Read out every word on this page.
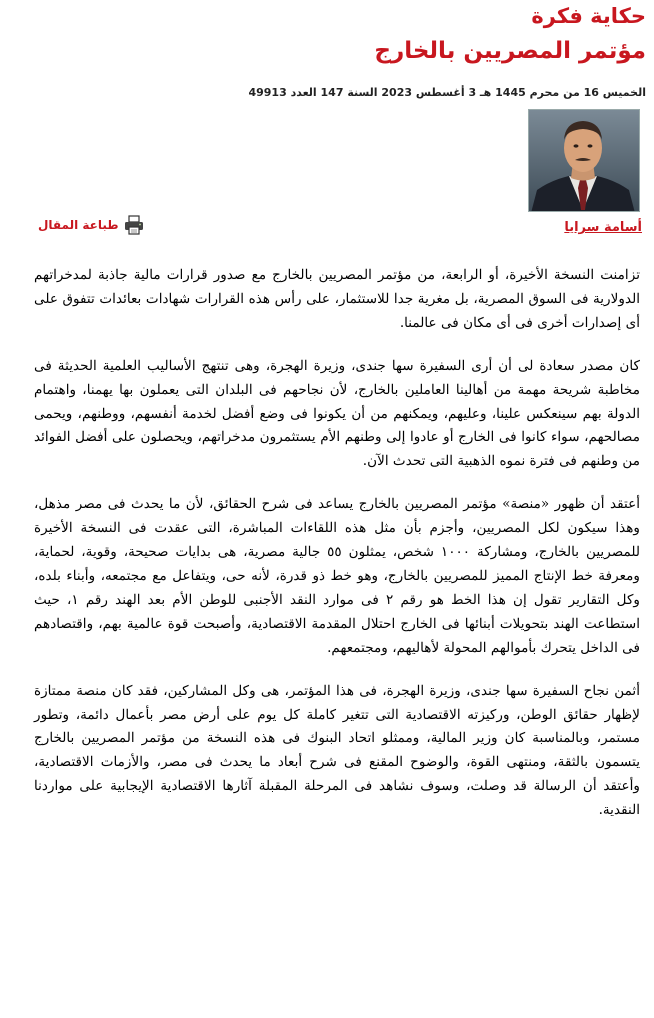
حكاية فكرة
مؤتمر المصريين بالخارج
الخميس 16 من محرم 1445 هـ 3 أغسطس 2023 السنة 147 العدد 49913
أسامة سرايا
طباعة المقال

تزامنت النسخة الأخيرة، أو الرابعة، من مؤتمر المصريين بالخارج مع صدور قرارات مالية جاذبة لمدخراتهم الدولارية فى السوق المصرية، بل مغرية جدا للاستثمار، على رأس هذه القرارات شهادات بعائدات تتفوق على أى إصدارات أخرى فى أى مكان فى عالمنا.

كان مصدر سعادة لى أن أرى السفيرة سها جندى، وزيرة الهجرة، وهى تنتهج الأساليب العلمية الحديثة فى مخاطبة شريحة مهمة من أهالينا العاملين بالخارج، لأن نجاحهم فى البلدان التى يعملون بها يهمنا، واهتمام الدولة بهم سينعكس علينا، وعليهم، ويمكنهم من أن يكونوا فى وضع أفضل لخدمة أنفسهم، ووطنهم، ويحمى مصالحهم، سواء كانوا فى الخارج أو عادوا إلى وطنهم الأم يستثمرون مدخراتهم، ويحصلون على أفضل الفوائد من وطنهم فى فترة نموه الذهبية التى تحدث الآن.

أعتقد أن ظهور «منصة» مؤتمر المصريين بالخارج يساعد فى شرح الحقائق، لأن ما يحدث فى مصر مذهل، وهذا سيكون لكل المصريين، وأجزم بأن مثل هذه اللقاءات المباشرة، التى عقدت فى النسخة الأخيرة للمصريين بالخارج، ومشاركة ١٠٠٠ شخص، يمثلون ٥٥ جالية مصرية، هى بدايات صحيحة، وقوية، لحماية، ومعرفة خط الإنتاج المميز للمصريين بالخارج، وهو خط ذو قدرة، لأنه حى، ويتفاعل مع مجتمعه، وأبناء بلده، وكل التقارير تقول إن هذا الخط هو رقم ٢ فى موارد النقد الأجنبى للوطن الأم بعد الهند رقم ١، حيث استطاعت الهند بتحويلات أبنائها فى الخارج احتلال المقدمة الاقتصادية، وأصبحت قوة عالمية بهم، واقتصادهم فى الداخل يتحرك بأموالهم المحولة لأهاليهم، ومجتمعهم.

أثمن نجاح السفيرة سها جندى، وزيرة الهجرة، فى هذا المؤتمر، هى وكل المشاركين، فقد كان منصة ممتازة لإظهار حقائق الوطن، وركيزته الاقتصادية التى تتغير كاملة كل يوم على أرض مصر بأعمال دائمة، وتطور مستمر، وبالمناسبة كان وزير المالية، وممثلو اتحاد البنوك فى هذه النسخة من مؤتمر المصريين بالخارج يتسمون بالثقة، ومنتهى القوة، والوضوح المقنع فى شرح أبعاد ما يحدث فى مصر، والأزمات الاقتصادية، وأعتقد أن الرسالة قد وصلت، وسوف نشاهد فى المرحلة المقبلة آثارها الاقتصادية الإيجابية على مواردنا النقدية.
